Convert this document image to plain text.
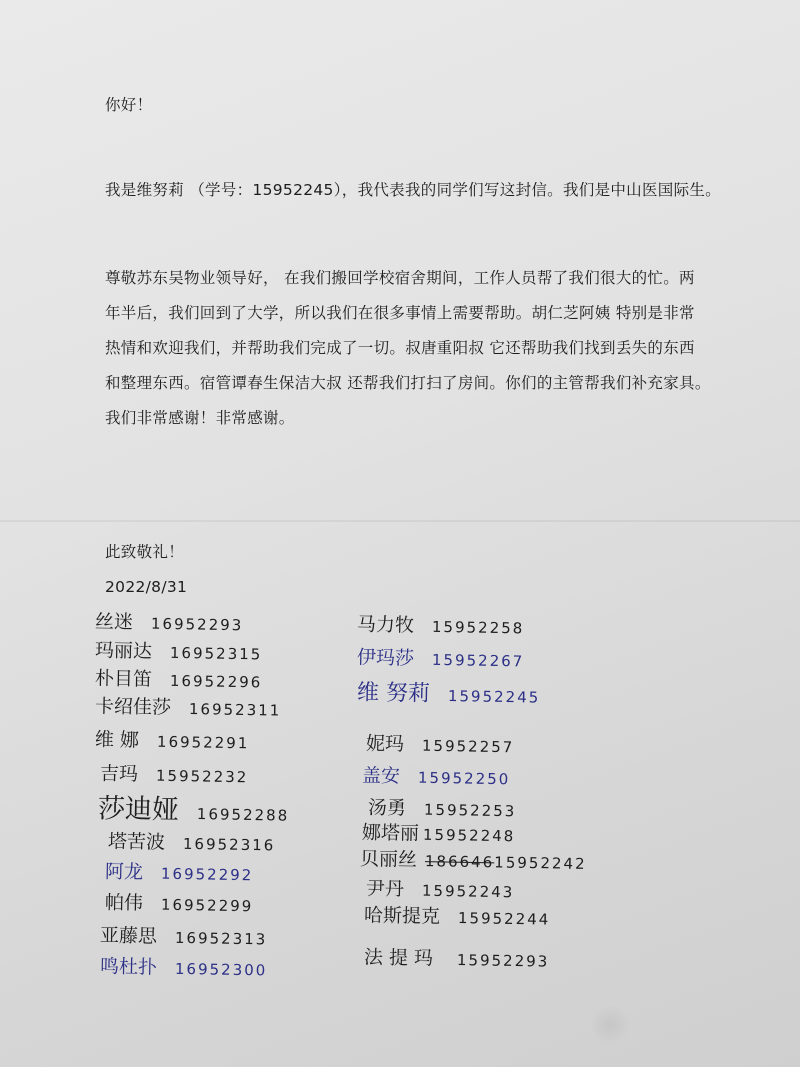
你好！
我是维努莉 （学号：15952245），我代表我的同学们写这封信。我们是中山医国际生。
尊敬苏东吴物业领导好， 在我们搬回学校宿舍期间，工作人员帮了我们很大的忙。两
年半后，我们回到了大学，所以我们在很多事情上需要帮助。胡仁芝阿姨 特别是非常
热情和欢迎我们，并帮助我们完成了一切。叔唐重阳叔 它还帮助我们找到丢失的东西
和整理东西。宿管谭春生保洁大叔 还帮我们打扫了房间。你们的主管帮我们补充家具。
我们非常感谢！非常感谢。
此致敬礼！
2022/8/31
丝迷 16952293
玛丽达 16952315
朴目笛 16952296
卡绍佳莎 16952311
维 娜 16952291
吉玛 15952232
莎迪娅 16952288
塔苦波 16952316
阿龙 16952292
帕伟 16952299
亚藤思 16952313
鸣杜扑 16952300
马力牧 15952258
伊玛莎 15952267
维 努莉 15952245
妮玛 15952257
盖安 15952250
汤勇 15952253
娜塔丽 15952248
贝丽丝 18664615952242
尹丹 15952243
哈斯提克 15952244
法提玛 15952293
